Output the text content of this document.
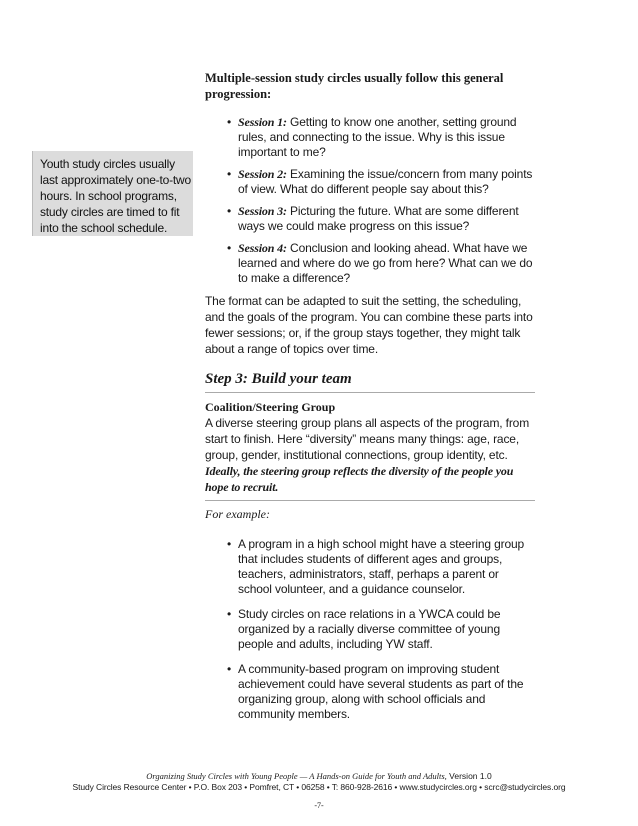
Youth study circles usually last approximately one-to-two hours. In school programs, study circles are timed to fit into the school schedule.

Multiple-session study circles usually follow this general progression:

• Session 1: Getting to know one another, setting ground rules, and connecting to the issue. Why is this issue important to me?
• Session 2: Examining the issue/concern from many points of view. What do different people say about this?
• Session 3: Picturing the future. What are some different ways we could make progress on this issue?
• Session 4: Conclusion and looking ahead. What have we learned and where do we go from here? What can we do to make a difference?

The format can be adapted to suit the setting, the scheduling, and the goals of the program. You can combine these parts into fewer sessions; or, if the group stays together, they might talk about a range of topics over time.

Step 3: Build your team
Coalition/Steering Group

A diverse steering group plans all aspects of the program, from start to finish. Here “diversity” means many things: age, race, group, gender, institutional connections, group identity, etc. Ideally, the steering group reflects the diversity of the people you hope to recruit.

For example:

• A program in a high school might have a steering group that includes students of different ages and groups, teachers, administrators, staff, perhaps a parent or school volunteer, and a guidance counselor.
• Study circles on race relations in a YWCA could be organized by a racially diverse committee of young people and adults, including YW staff.
• A community-based program on improving student achievement could have several students as part of the organizing group, along with school officials and community members.
Organizing Study Circles with Young People — A Hands-on Guide for Youth and Adults, Version 1.0
Study Circles Resource Center • P.O. Box 203 • Pomfret, CT • 06258 • T: 860-928-2616 • www.studycircles.org • scrc@studycircles.org
-7-
